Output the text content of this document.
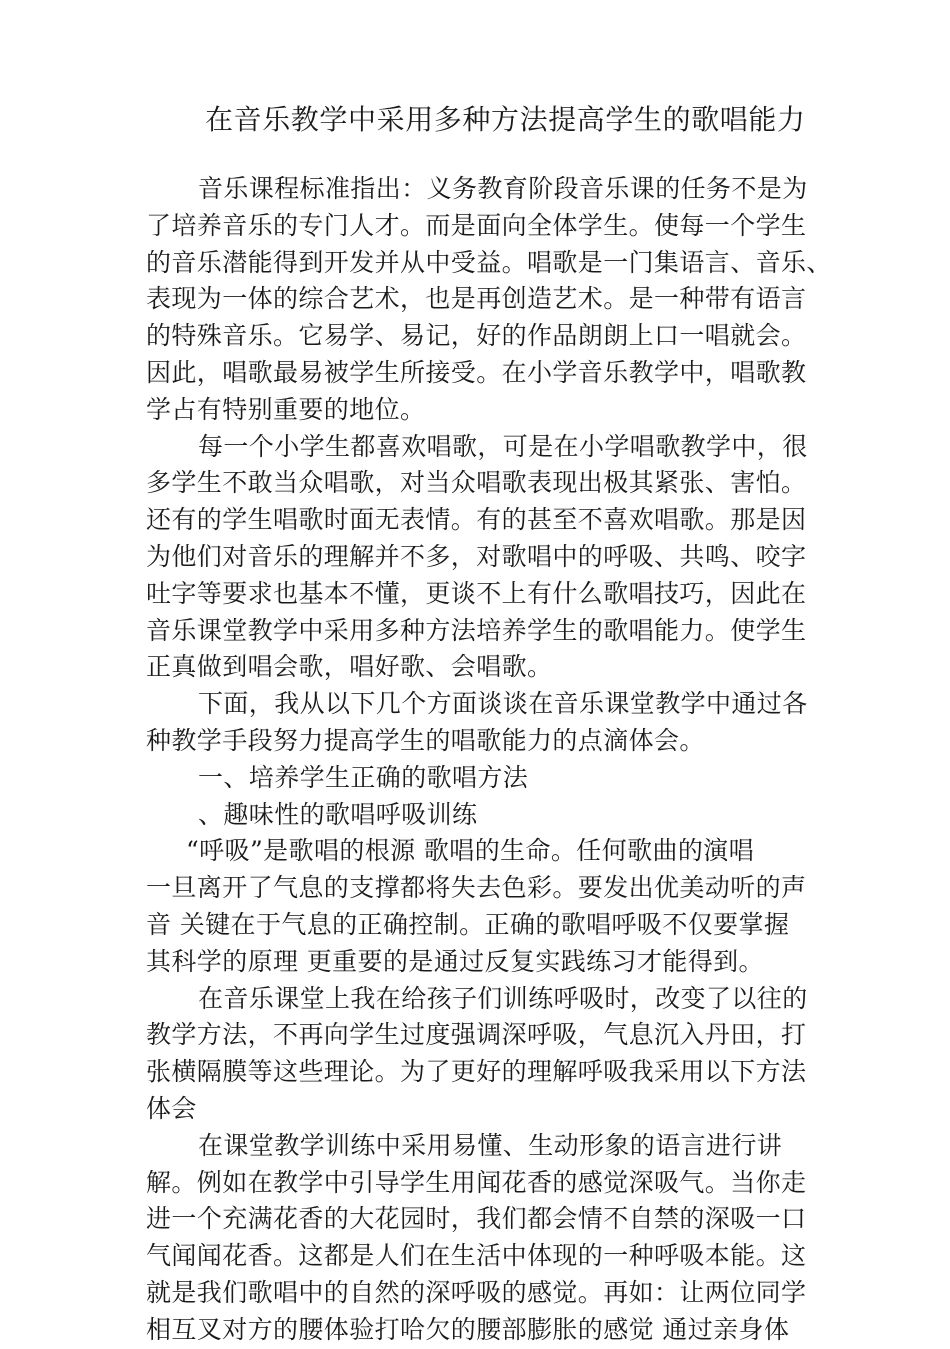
在音乐教学中采用多种方法提高学生的歌唱能力
音乐课程标准指出：义务教育阶段音乐课的任务不是为
了培养音乐的专门人才。而是面向全体学生。使每一个学生
的音乐潜能得到开发并从中受益。唱歌是一门集语言、音乐、
表现为一体的综合艺术，也是再创造艺术。是一种带有语言
的特殊音乐。它易学、易记，好的作品朗朗上口一唱就会。
因此，唱歌最易被学生所接受。在小学音乐教学中，唱歌教
学占有特别重要的地位。
每一个小学生都喜欢唱歌，可是在小学唱歌教学中，很
多学生不敢当众唱歌，对当众唱歌表现出极其紧张、害怕。
还有的学生唱歌时面无表情。有的甚至不喜欢唱歌。那是因
为他们对音乐的理解并不多，对歌唱中的呼吸、共鸣、咬字
吐字等要求也基本不懂，更谈不上有什么歌唱技巧，因此在
音乐课堂教学中采用多种方法培养学生的歌唱能力。使学生
正真做到唱会歌，唱好歌、会唱歌。
下面，我从以下几个方面谈谈在音乐课堂教学中通过各
种教学手段努力提高学生的唱歌能力的点滴体会。
一、培养学生正确的歌唱方法
、趣味性的歌唱呼吸训练
“呼吸”是歌唱的根源 歌唱的生命。任何歌曲的演唱
一旦离开了气息的支撑都将失去色彩。要发出优美动听的声
音 关键在于气息的正确控制。正确的歌唱呼吸不仅要掌握
其科学的原理 更重要的是通过反复实践练习才能得到。
在音乐课堂上我在给孩子们训练呼吸时，改变了以往的
教学方法，不再向学生过度强调深呼吸，气息沉入丹田，打
张横隔膜等这些理论。为了更好的理解呼吸我采用以下方法
体会
在课堂教学训练中采用易懂、生动形象的语言进行讲
解。例如在教学中引导学生用闻花香的感觉深吸气。当你走
进一个充满花香的大花园时，我们都会情不自禁的深吸一口
气闻闻花香。这都是人们在生活中体现的一种呼吸本能。这
就是我们歌唱中的自然的深呼吸的感觉。再如：让两位同学
相互叉对方的腰体验打哈欠的腰部膨胀的感觉 通过亲身体
